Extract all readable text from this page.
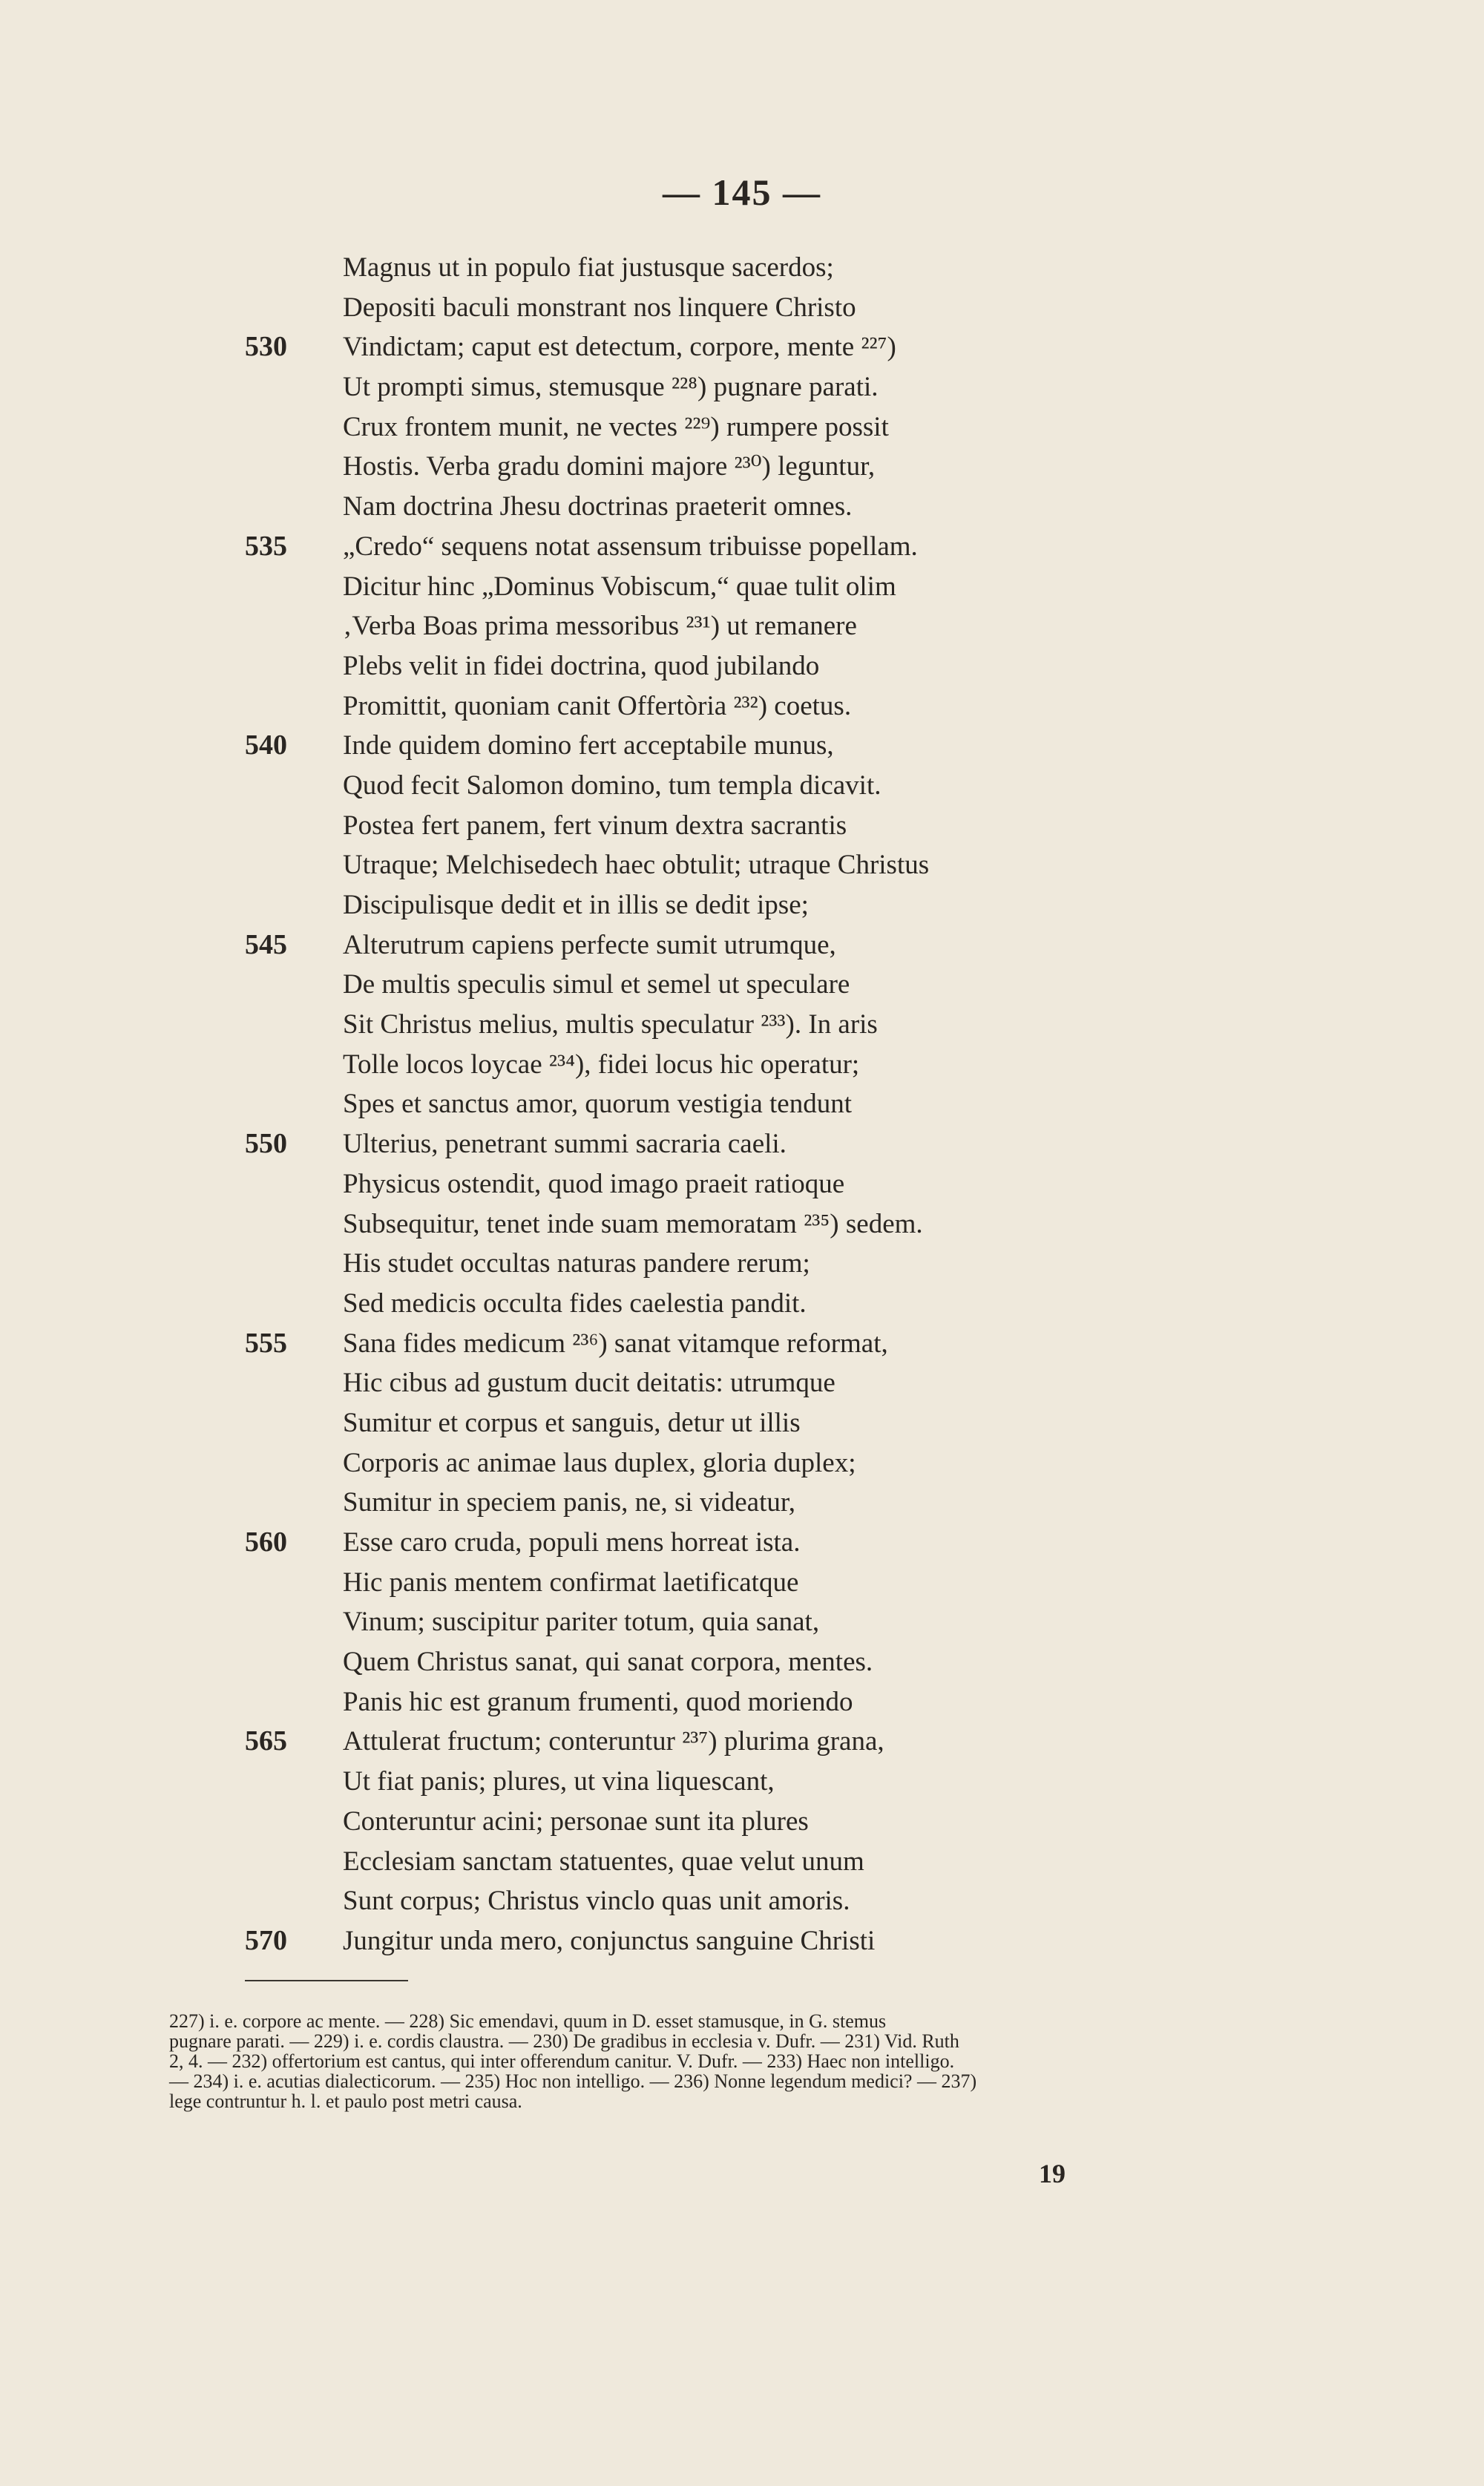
— 145 —
Magnus ut in populo fiat justusque sacerdos;
Depositi baculi monstrant nos linquere Christo
530	Vindictam; caput est detectum, corpore, mente ²²⁷)
Ut prompti simus, stemusque ²²⁸) pugnare parati.
Crux frontem munit, ne vectes ²²⁹) rumpere possit
Hostis. Verba gradu domini majore ²³⁰) leguntur,
Nam doctrina Jhesu doctrinas praeterit omnes.
535	„Credo“ sequens notat assensum tribuisse popellam.
Dicitur hinc „Dominus Vobiscum,“ quae tulit olim
‚Verba Boas prima messoribus ²³¹) ut remanere
Plebs velit in fidei doctrina, quod jubilando
Promittit, quoniam canit Offertòria ²³²) coetus.
540	Inde quidem domino fert acceptabile munus,
Quod fecit Salomon domino, tum templa dicavit.
Postea fert panem, fert vinum dextra sacrantis
Utraque; Melchisedech haec obtulit; utraque Christus
Discipulisque dedit et in illis se dedit ipse;
545	Alterutrum capiens perfecte sumit utrumque,
De multis speculis simul et semel ut speculare
Sit Christus melius, multis speculatur ²³³). In aris
Tolle locos loycae ²³⁴), fidei locus hic operatur;
Spes et sanctus amor, quorum vestigia tendunt
550	Ulterius, penetrant summi sacraria caeli.
Physicus ostendit, quod imago praeit ratioque
Subsequitur, tenet inde suam memoratam ²³⁵) sedem.
His studet occultas naturas pandere rerum;
Sed medicis occulta fides caelestia pandit.
555	Sana fides medicum ²³⁶) sanat vitamque reformat,
Hic cibus ad gustum ducit deitatis: utrumque
Sumitur et corpus et sanguis, detur ut illis
Corporis ac animae laus duplex, gloria duplex;
Sumitur in speciem panis, ne, si videatur,
560	Esse caro cruda, populi mens horreat ista.
Hic panis mentem confirmat laetificatque
Vinum; suscipitur pariter totum, quia sanat,
Quem Christus sanat, qui sanat corpora, mentes.
Panis hic est granum frumenti, quod moriendo
565	Attulerat fructum; conteruntur ²³⁷) plurima grana,
Ut fiat panis; plures, ut vina liquescant,
Conteruntur acini; personae sunt ita plures
Ecclesiam sanctam statuentes, quae velut unum
Sunt corpus; Christus vinclo quas unit amoris.
570	Jungitur unda mero, conjunctus sanguine Christi
227) i. e. corpore ac mente. — 228) Sic emendavi, quum in D. esset stamusque, in G. stemus
pugnare parati. — 229) i. e. cordis claustra. — 230) De gradibus in ecclesia v. Dufr. — 231) Vid. Ruth
2, 4. — 232) offertorium est cantus, qui inter offerendum canitur. V. Dufr. — 233) Haec non intelligo.
— 234) i. e. acutias dialecticorum. — 235) Hoc non intelligo. — 236) Nonne legendum medici? — 237)
lege contruntur h. l. et paulo post metri causa.
19
